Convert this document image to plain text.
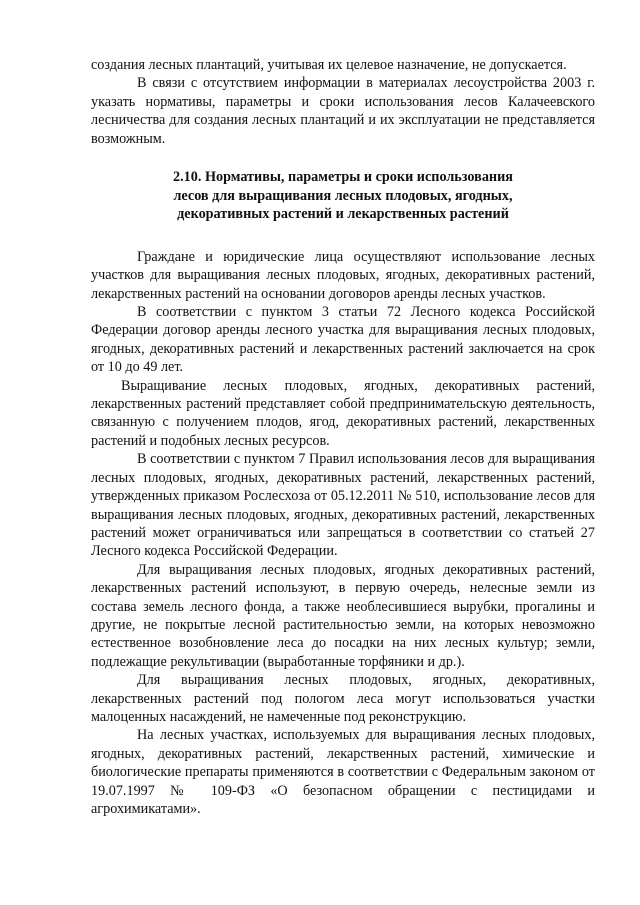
создания лесных плантаций, учитывая их целевое назначение, не допускается.

В связи с отсутствием информации в материалах лесоустройства 2003 г. указать нормативы, параметры и сроки использования лесов Калачеевского лесничества для создания лесных плантаций и их эксплуатации не представляется возможным.

2.10. Нормативы, параметры и сроки использования
лесов для выращивания лесных плодовых, ягодных,
декоративных растений и лекарственных растений

Граждане и юридические лица осуществляют использование лесных участков для выращивания лесных плодовых, ягодных, декоративных растений, лекарственных растений на основании договоров аренды лесных участков.

В соответствии с пунктом 3 статьи 72 Лесного кодекса Российской Федерации договор аренды лесного участка для выращивания лесных плодовых, ягодных, декоративных растений и лекарственных растений заключается на срок от 10 до 49 лет.

Выращивание лесных плодовых, ягодных, декоративных растений, лекарственных растений представляет собой предпринимательскую деятельность, связанную с получением плодов, ягод, декоративных растений, лекарственных растений и подобных лесных ресурсов.

В соответствии с пунктом 7 Правил использования лесов для выращивания лесных плодовых, ягодных, декоративных растений, лекарственных растений, утвержденных приказом Рослесхоза от 05.12.2011 № 510, использование лесов для выращивания лесных плодовых, ягодных, декоративных растений, лекарственных растений может ограничиваться или запрещаться в соответствии со статьей 27 Лесного кодекса Российской Федерации.

Для выращивания лесных плодовых, ягодных декоративных растений, лекарственных растений используют, в первую очередь, нелесные земли из состава земель лесного фонда, а также необлесившиеся вырубки, прогалины и другие, не покрытые лесной растительностью земли, на которых невозможно естественное возобновление леса до посадки на них лесных культур; земли, подлежащие рекультивации (выработанные торфяники и др.).

Для выращивания лесных плодовых, ягодных, декоративных, лекарственных растений под пологом леса могут использоваться участки малоценных насаждений, не намеченные под реконструкцию.

На лесных участках, используемых для выращивания лесных плодовых, ягодных, декоративных растений, лекарственных растений, химические и биологические препараты применяются в соответствии с Федеральным законом от 19.07.1997 № 109-ФЗ «О безопасном обращении с пестицидами и агрохимикатами».
